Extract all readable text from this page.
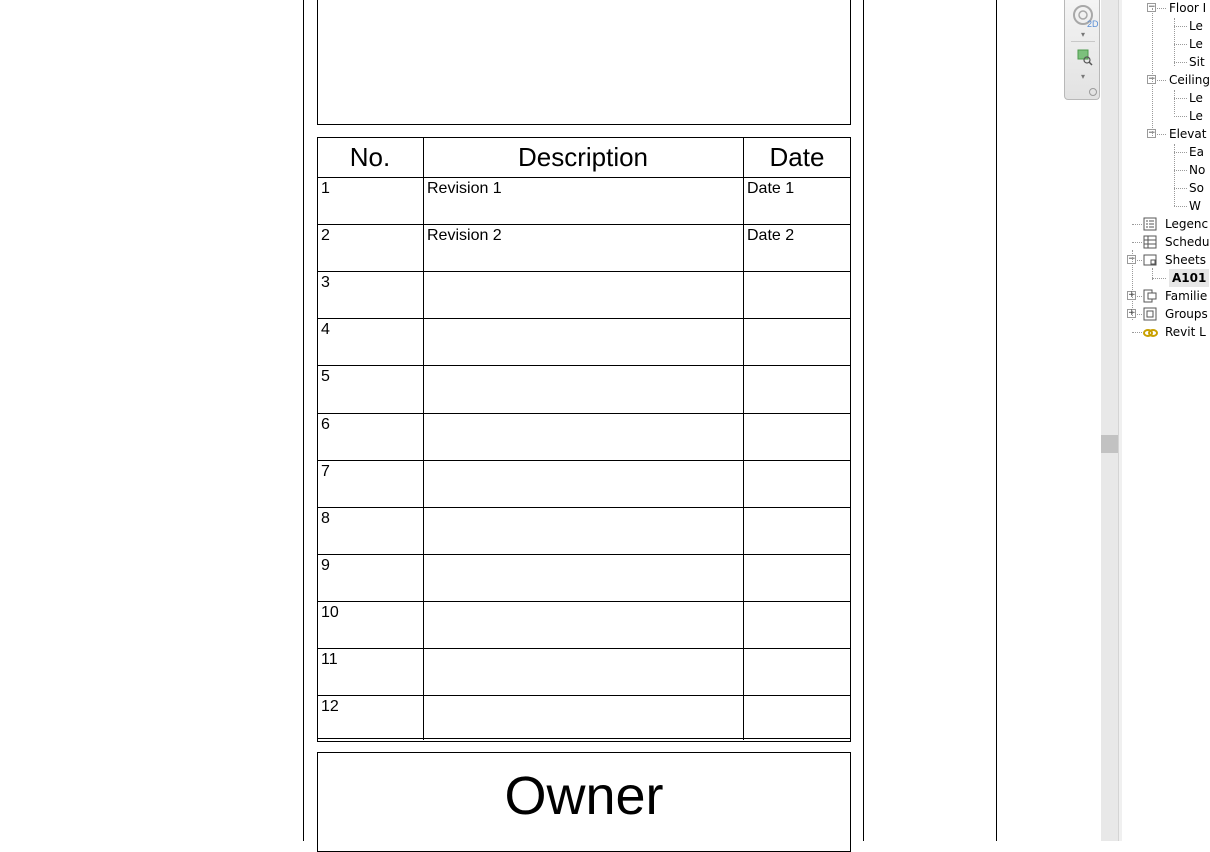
No.	Description	Date
1	Revision 1	Date 1
2	Revision 2	Date 2
3
4
5
6
7
8
9
10
11
12
Owner
2D
▾
▾
− Floor I
Le
Le
Sit
− Ceiling
Le
Le
− Elevat
Ea
No
So
W
Legenc
Schedu
− Sheets
A101
+ Familie
+ Groups
Revit L
